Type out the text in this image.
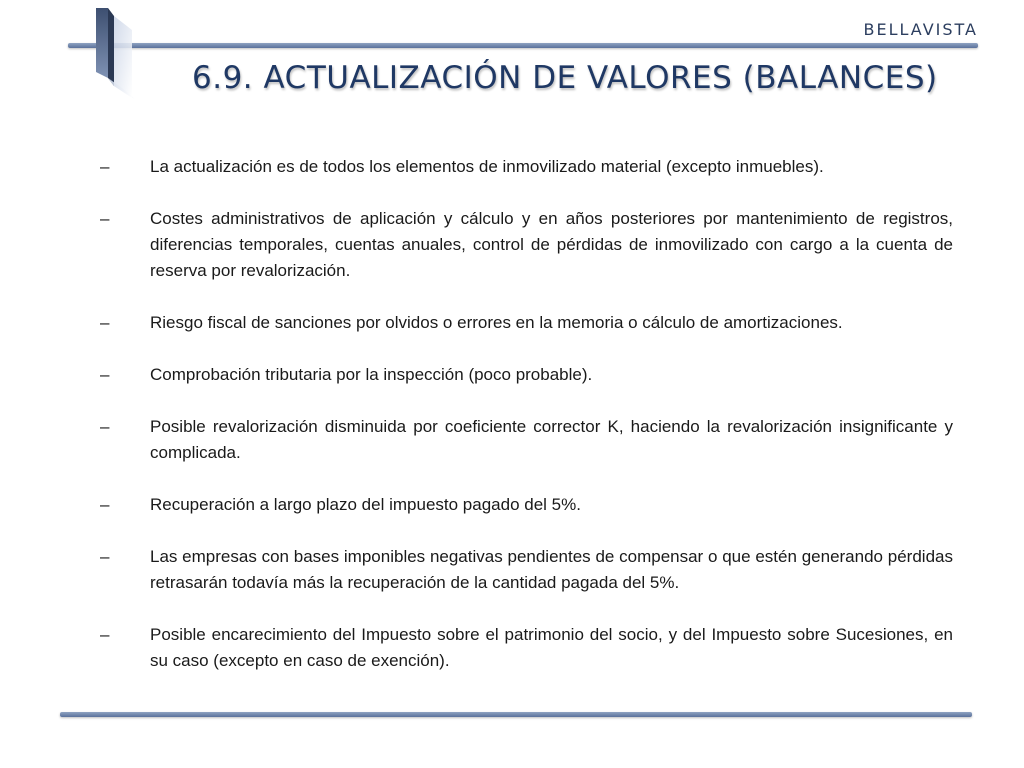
BELLAVISTA
6.9. ACTUALIZACIÓN DE VALORES (BALANCES)
–	La actualización es de todos los elementos de inmovilizado material (excepto inmuebles).
–	Costes administrativos de aplicación y cálculo y en años posteriores por mantenimiento de registros, diferencias temporales, cuentas anuales, control de pérdidas de inmovilizado con cargo a la cuenta de reserva por revalorización.
–	Riesgo fiscal de sanciones por olvidos o errores en la memoria o cálculo de amortizaciones.
–	Comprobación tributaria por la inspección (poco probable).
–	Posible revalorización disminuida por coeficiente corrector K, haciendo la revalorización insignificante y complicada.
–	Recuperación a largo plazo del impuesto pagado del 5%.
–	Las empresas con bases imponibles negativas pendientes de compensar o que estén generando pérdidas retrasarán todavía más la recuperación de la cantidad pagada del 5%.
–	Posible encarecimiento del Impuesto sobre el patrimonio del socio, y del Impuesto sobre Sucesiones, en su caso (excepto en caso de exención).
